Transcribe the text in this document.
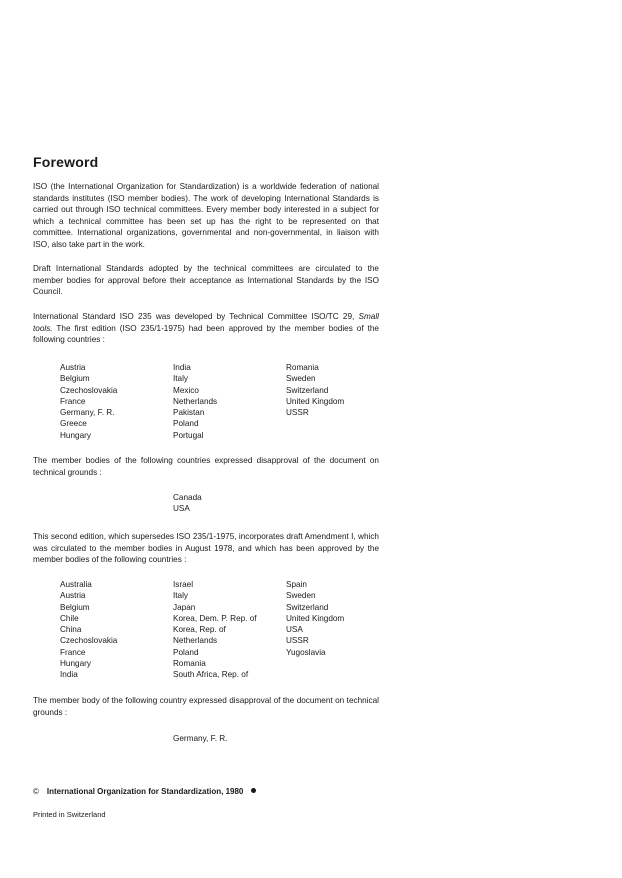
Foreword

ISO (the International Organization for Standardization) is a worldwide federation of national standards institutes (ISO member bodies). The work of developing International Standards is carried out through ISO technical committees. Every member body interested in a subject for which a technical committee has been set up has the right to be represented on that committee. International organizations, governmental and non-governmental, in liaison with ISO, also take part in the work.

Draft International Standards adopted by the technical committees are circulated to the member bodies for approval before their acceptance as International Standards by the ISO Council.

International Standard ISO 235 was developed by Technical Committee ISO/TC 29, Small tools. The first edition (ISO 235/1-1975) had been approved by the member bodies of the following countries :

Austria
Belgium
Czechoslovakia
France
Germany, F. R.
Greece
Hungary
India
Italy
Mexico
Netherlands
Pakistan
Poland
Portugal
Romania
Sweden
Switzerland
United Kingdom
USSR

The member bodies of the following countries expressed disapproval of the document on technical grounds :

Canada
USA

This second edition, which supersedes ISO 235/1-1975, incorporates draft Amendment I, which was circulated to the member bodies in August 1978, and which has been approved by the member bodies of the following countries :

Australia
Austria
Belgium
Chile
China
Czechoslovakia
France
Hungary
India
Israel
Italy
Japan
Korea, Dem. P. Rep. of
Korea, Rep. of
Netherlands
Poland
Romania
South Africa, Rep. of
Spain
Sweden
Switzerland
United Kingdom
USA
USSR
Yugoslavia

The member body of the following country expressed disapproval of the document on technical grounds :

Germany, F. R.
© International Organization for Standardization, 1980
Printed in Switzerland
